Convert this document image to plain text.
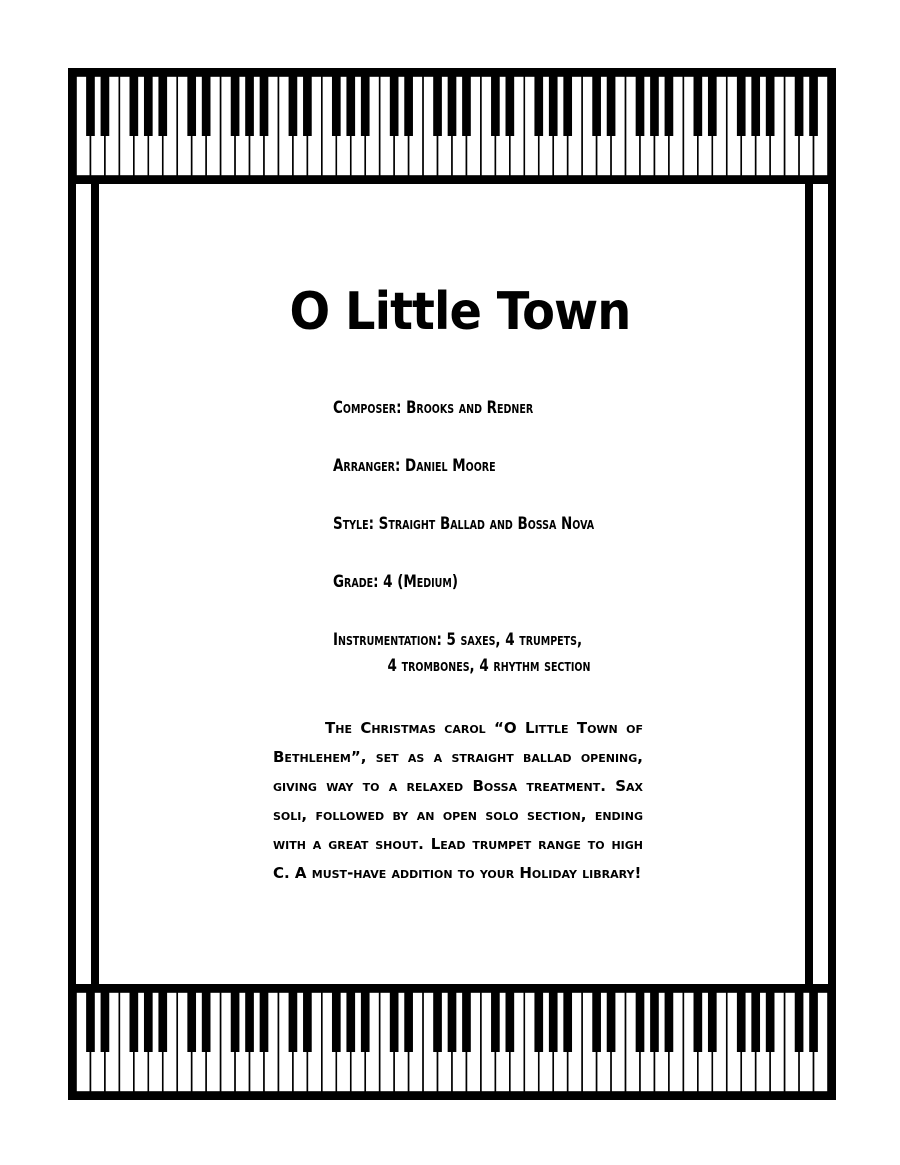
O Little Town
Composer: Brooks and Redner
Arranger: Daniel Moore
Style: Straight Ballad and Bossa Nova
Grade: 4 (Medium)
Instrumentation: 5 saxes, 4 trumpets,
4 trombones, 4 rhythm section

The Christmas carol “O Little Town of Bethlehem”, set as a straight ballad opening, giving way to a relaxed Bossa treatment. Sax soli, followed by an open solo section, ending with a great shout. Lead trumpet range to high C. A must-have addition to your Holiday library!
